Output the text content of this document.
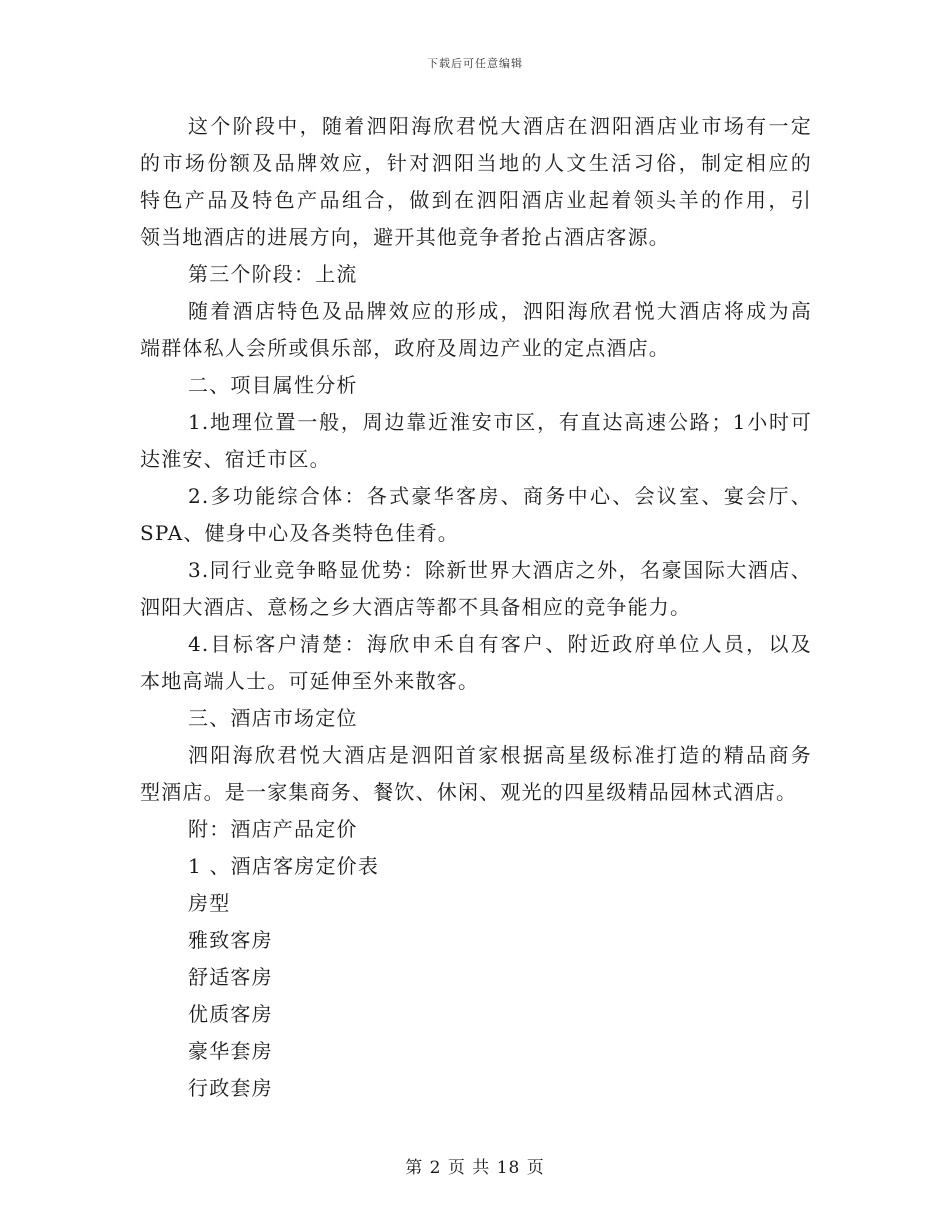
下载后可任意编辑
这个阶段中，随着泗阳海欣君悦大酒店在泗阳酒店业市场有一定
的市场份额及品牌效应，针对泗阳当地的人文生活习俗，制定相应的
特色产品及特色产品组合，做到在泗阳酒店业起着领头羊的作用，引
领当地酒店的进展方向，避开其他竞争者抢占酒店客源。
第三个阶段：上流
随着酒店特色及品牌效应的形成，泗阳海欣君悦大酒店将成为高
端群体私人会所或俱乐部，政府及周边产业的定点酒店。
二、项目属性分析
1.地理位置一般，周边靠近淮安市区，有直达高速公路；1小时可
达淮安、宿迁市区。
2.多功能综合体：各式豪华客房、商务中心、会议室、宴会厅、
SPA、健身中心及各类特色佳肴。
3.同行业竞争略显优势：除新世界大酒店之外，名豪国际大酒店、
泗阳大酒店、意杨之乡大酒店等都不具备相应的竞争能力。
4.目标客户清楚：海欣申禾自有客户、附近政府单位人员，以及
本地高端人士。可延伸至外来散客。
三、酒店市场定位
泗阳海欣君悦大酒店是泗阳首家根据高星级标准打造的精品商务
型酒店。是一家集商务、餐饮、休闲、观光的四星级精品园林式酒店。
附：酒店产品定价
1 、酒店客房定价表
房型
雅致客房
舒适客房
优质客房
豪华套房
行政套房
第 2 页 共 18 页
